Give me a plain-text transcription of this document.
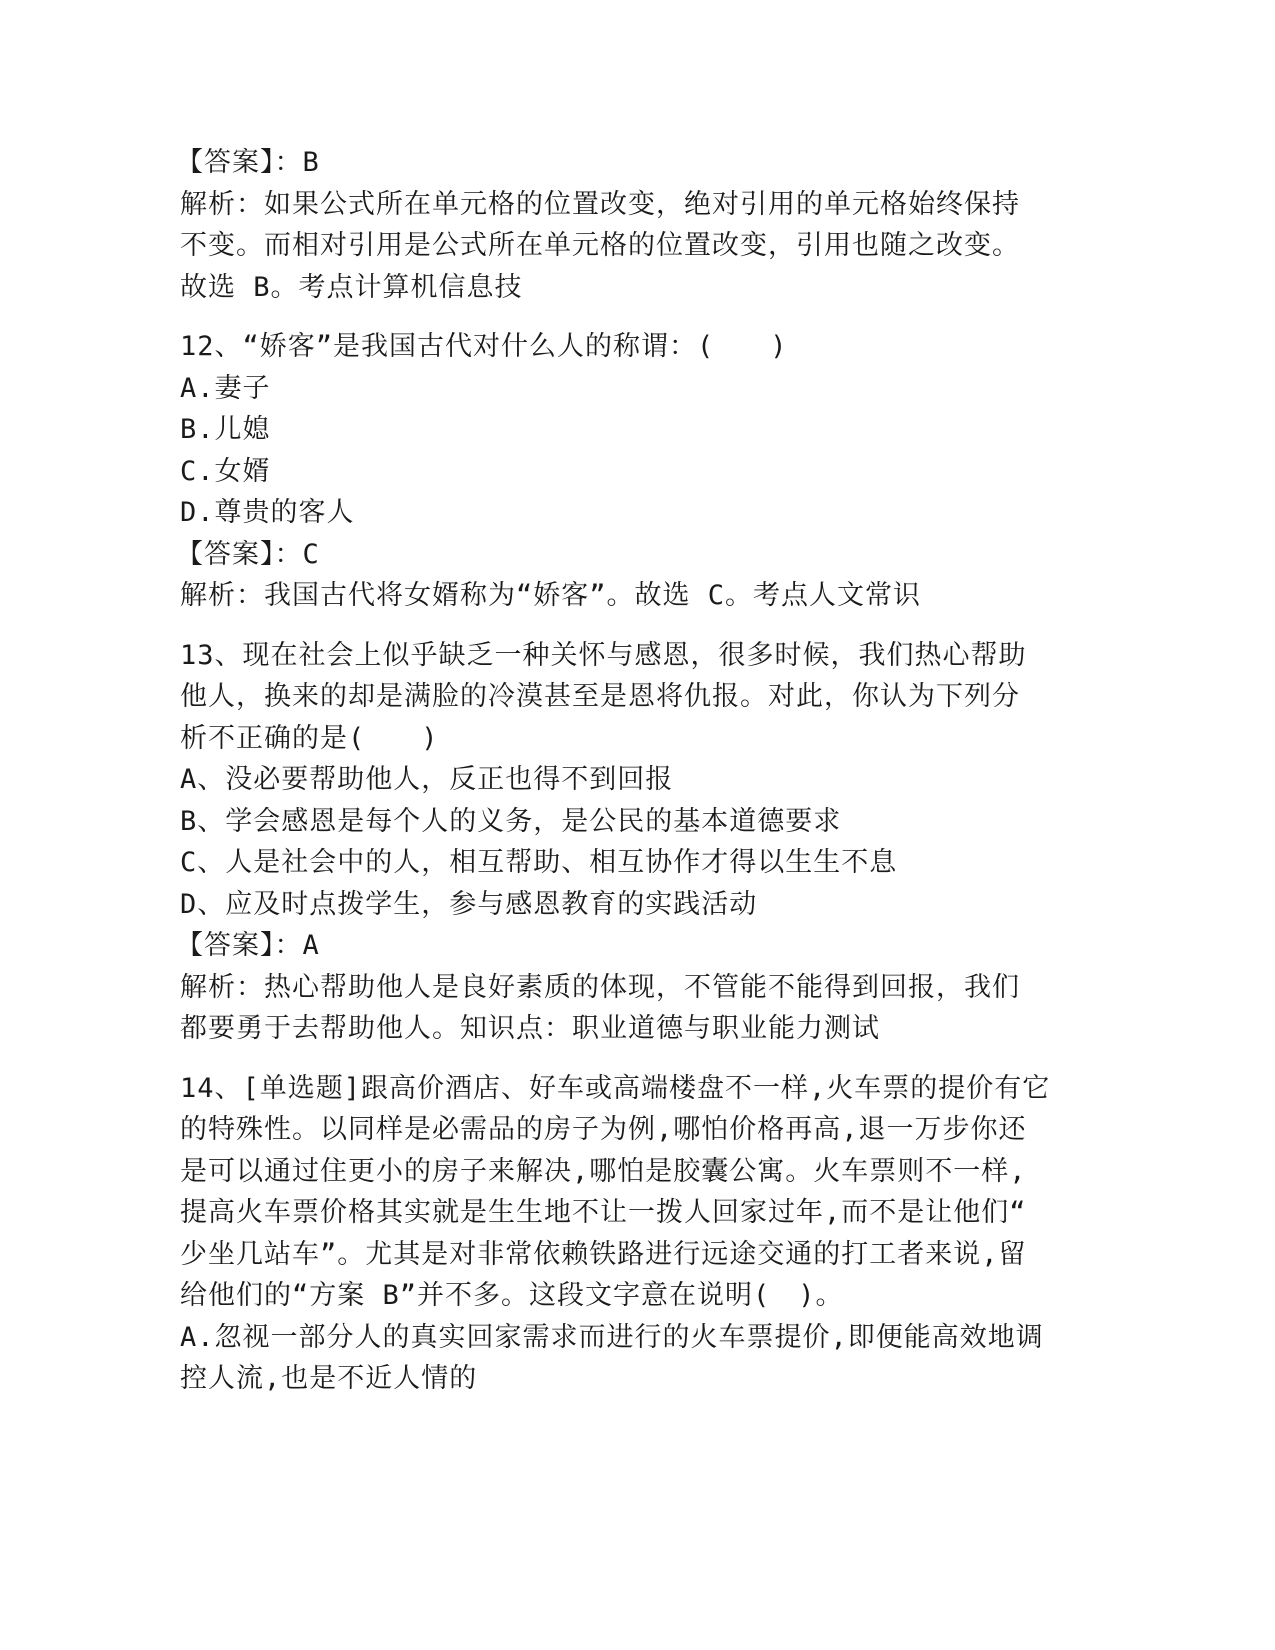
【答案】：B
解析：如果公式所在单元格的位置改变，绝对引用的单元格始终保持
不变。而相对引用是公式所在单元格的位置改变，引用也随之改变。
故选 B。考点计算机信息技
12、“娇客”是我国古代对什么人的称谓：(　　)
A.妻子
B.儿媳
C.女婿
D.尊贵的客人
【答案】：C
解析：我国古代将女婿称为“娇客”。故选 C。考点人文常识
13、现在社会上似乎缺乏一种关怀与感恩，很多时候，我们热心帮助
他人，换来的却是满脸的冷漠甚至是恩将仇报。对此，你认为下列分
析不正确的是(　　)
A、没必要帮助他人，反正也得不到回报
B、学会感恩是每个人的义务，是公民的基本道德要求
C、人是社会中的人，相互帮助、相互协作才得以生生不息
D、应及时点拨学生，参与感恩教育的实践活动
【答案】：A
解析：热心帮助他人是良好素质的体现，不管能不能得到回报，我们
都要勇于去帮助他人。知识点：职业道德与职业能力测试
14、[单选题]跟高价酒店、好车或高端楼盘不一样,火车票的提价有它
的特殊性。以同样是必需品的房子为例,哪怕价格再高,退一万步你还
是可以通过住更小的房子来解决,哪怕是胶囊公寓。火车票则不一样,
提高火车票价格其实就是生生地不让一拨人回家过年,而不是让他们“
少坐几站车”。尤其是对非常依赖铁路进行远途交通的打工者来说,留
给他们的“方案 B”并不多。这段文字意在说明(　)。
A.忽视一部分人的真实回家需求而进行的火车票提价,即便能高效地调
控人流,也是不近人情的
